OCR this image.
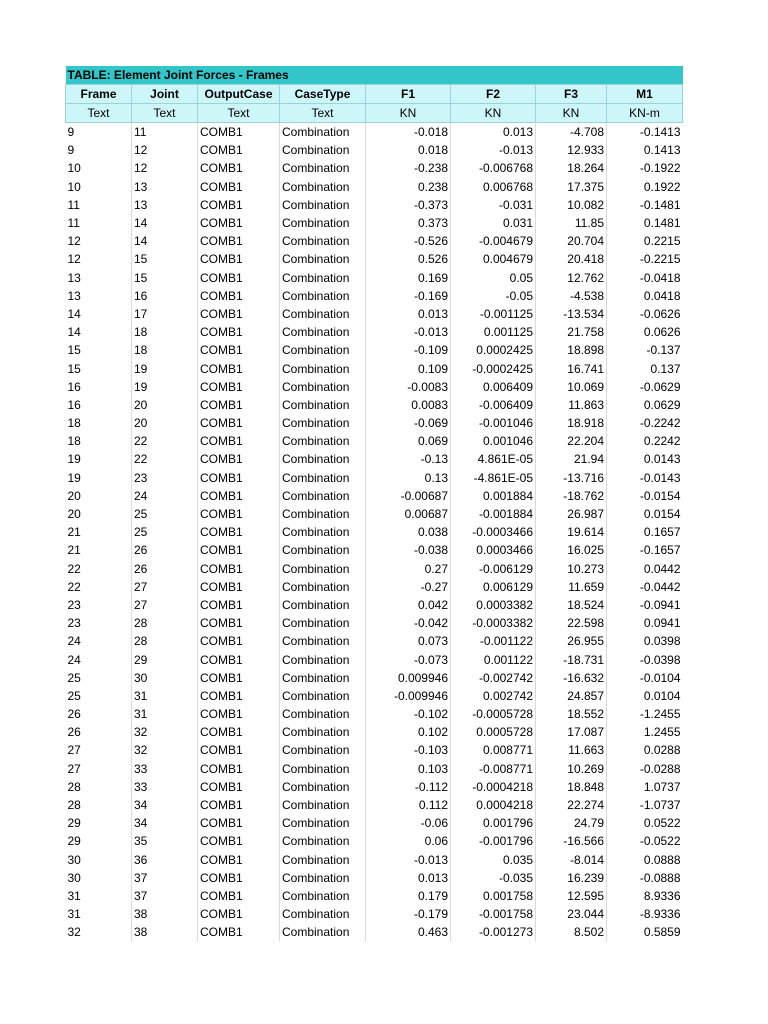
TABLE: Element Joint Forces - Frames							
Frame	Joint	OutputCase	CaseType	F1	F2	F3	M1
Text	Text	Text	Text	KN	KN	KN	KN-m
9	11	COMB1	Combination	-0.018	0.013	-4.708	-0.1413
9	12	COMB1	Combination	0.018	-0.013	12.933	0.1413
10	12	COMB1	Combination	-0.238	-0.006768	18.264	-0.1922
10	13	COMB1	Combination	0.238	0.006768	17.375	0.1922
11	13	COMB1	Combination	-0.373	-0.031	10.082	-0.1481
11	14	COMB1	Combination	0.373	0.031	11.85	0.1481
12	14	COMB1	Combination	-0.526	-0.004679	20.704	0.2215
12	15	COMB1	Combination	0.526	0.004679	20.418	-0.2215
13	15	COMB1	Combination	0.169	0.05	12.762	-0.0418
13	16	COMB1	Combination	-0.169	-0.05	-4.538	0.0418
14	17	COMB1	Combination	0.013	-0.001125	-13.534	-0.0626
14	18	COMB1	Combination	-0.013	0.001125	21.758	0.0626
15	18	COMB1	Combination	-0.109	0.0002425	18.898	-0.137
15	19	COMB1	Combination	0.109	-0.0002425	16.741	0.137
16	19	COMB1	Combination	-0.0083	0.006409	10.069	-0.0629
16	20	COMB1	Combination	0.0083	-0.006409	11.863	0.0629
18	20	COMB1	Combination	-0.069	-0.001046	18.918	-0.2242
18	22	COMB1	Combination	0.069	0.001046	22.204	0.2242
19	22	COMB1	Combination	-0.13	4.861E-05	21.94	0.0143
19	23	COMB1	Combination	0.13	-4.861E-05	-13.716	-0.0143
20	24	COMB1	Combination	-0.00687	0.001884	-18.762	-0.0154
20	25	COMB1	Combination	0.00687	-0.001884	26.987	0.0154
21	25	COMB1	Combination	0.038	-0.0003466	19.614	0.1657
21	26	COMB1	Combination	-0.038	0.0003466	16.025	-0.1657
22	26	COMB1	Combination	0.27	-0.006129	10.273	0.0442
22	27	COMB1	Combination	-0.27	0.006129	11.659	-0.0442
23	27	COMB1	Combination	0.042	0.0003382	18.524	-0.0941
23	28	COMB1	Combination	-0.042	-0.0003382	22.598	0.0941
24	28	COMB1	Combination	0.073	-0.001122	26.955	0.0398
24	29	COMB1	Combination	-0.073	0.001122	-18.731	-0.0398
25	30	COMB1	Combination	0.009946	-0.002742	-16.632	-0.0104
25	31	COMB1	Combination	-0.009946	0.002742	24.857	0.0104
26	31	COMB1	Combination	-0.102	-0.0005728	18.552	-1.2455
26	32	COMB1	Combination	0.102	0.0005728	17.087	1.2455
27	32	COMB1	Combination	-0.103	0.008771	11.663	0.0288
27	33	COMB1	Combination	0.103	-0.008771	10.269	-0.0288
28	33	COMB1	Combination	-0.112	-0.0004218	18.848	1.0737
28	34	COMB1	Combination	0.112	0.0004218	22.274	-1.0737
29	34	COMB1	Combination	-0.06	0.001796	24.79	0.0522
29	35	COMB1	Combination	0.06	-0.001796	-16.566	-0.0522
30	36	COMB1	Combination	-0.013	0.035	-8.014	0.0888
30	37	COMB1	Combination	0.013	-0.035	16.239	-0.0888
31	37	COMB1	Combination	0.179	0.001758	12.595	8.9336
31	38	COMB1	Combination	-0.179	-0.001758	23.044	-8.9336
32	38	COMB1	Combination	0.463	-0.001273	8.502	0.5859
